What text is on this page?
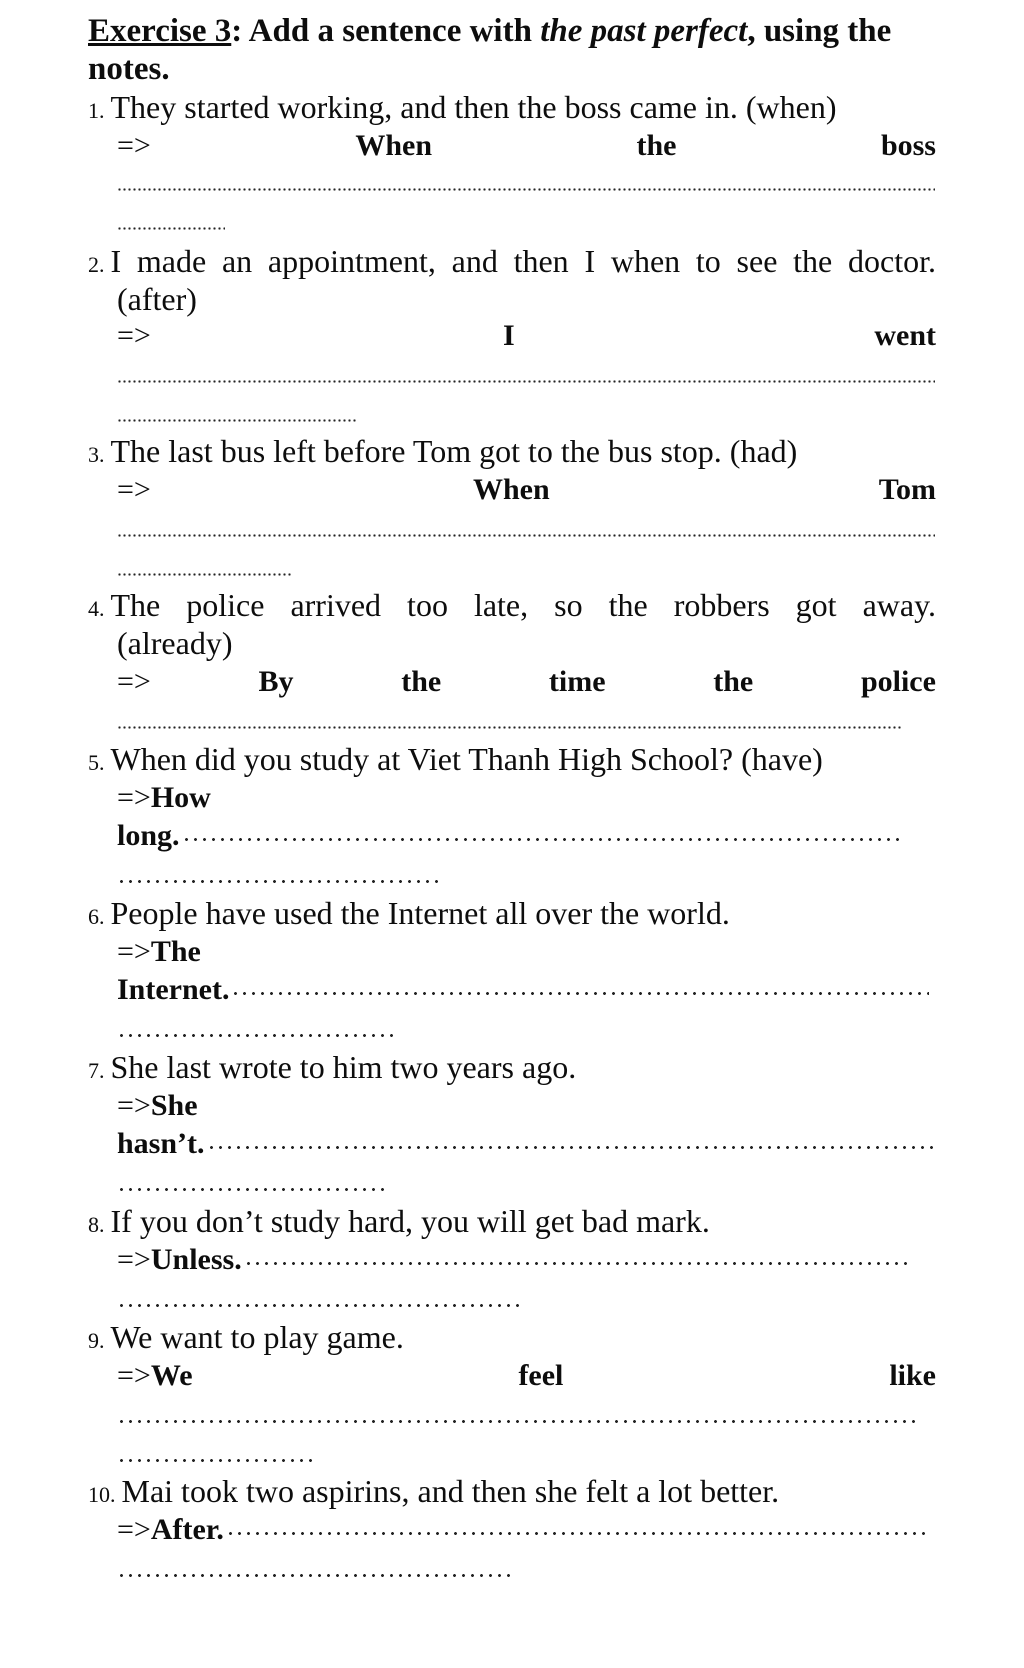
Exercise 3: Add a sentence with the past perfect, using the notes.
1. They started working, and then the boss came in. (when)
=>	When	the	boss
2. I made an appointment, and then I when to see the doctor.
(after)
=>	I	went
3. The last bus left before Tom got to the bus stop. (had)
=>	When	Tom
4. The police arrived too late, so the robbers got away.
(already)
=>	By	the	time	the	police
5. When did you study at Viet Thanh High School? (have)
=>How
long.
6. People have used the Internet all over the world.
=>The
Internet.
7. She last wrote to him two years ago.
=>She
hasn’t.
8. If you don’t study hard, you will get bad mark.
=> Unless.
9. We want to play game.
=>We	feel	like
10. Mai took two aspirins, and then she felt a lot better.
=> After.
